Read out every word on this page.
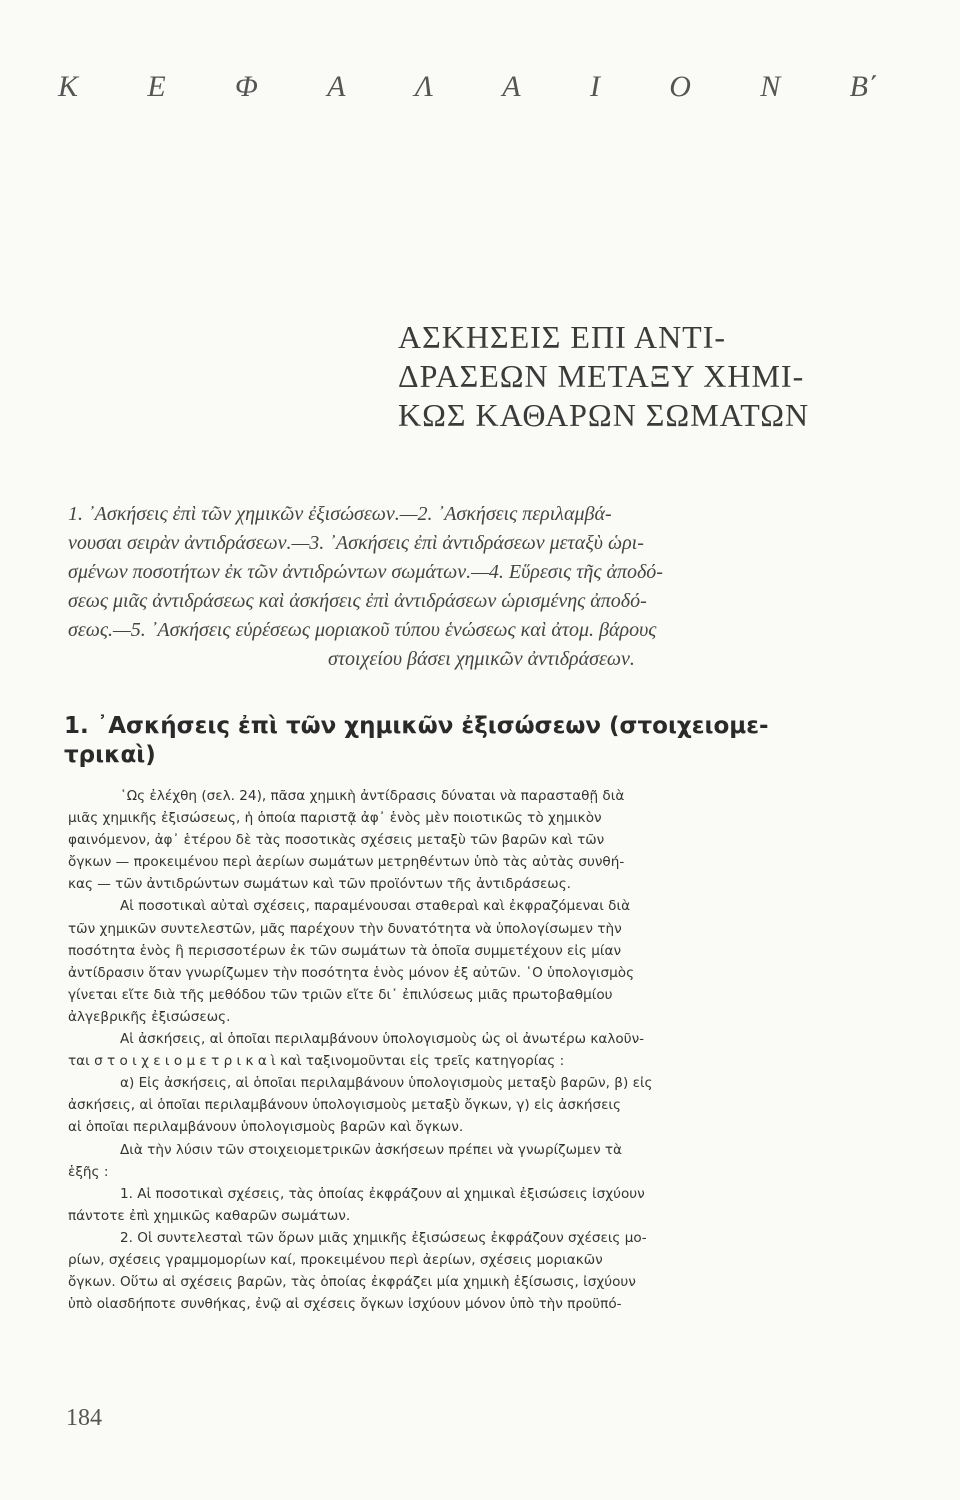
Κ Ε Φ Α Λ Α Ι Ο Ν Β΄
ΑΣΚΗΣΕΙΣ ΕΠΙ ΑΝΤΙ-
ΔΡΑΣΕΩΝ ΜΕΤΑΞΥ ΧΗΜΙ-
ΚΩΣ ΚΑΘΑΡΩΝ ΣΩΜΑΤΩΝ
1. ᾿Ασκήσεις ἐπὶ τῶν χημικῶν ἐξισώσεων.—2. ᾿Ασκήσεις περιλαμβά-
νουσαι σειρὰν ἀντιδράσεων.—3. ᾿Ασκήσεις ἐπὶ ἀντιδράσεων μεταξὺ ὡρι-
σμένων ποσοτήτων ἐκ τῶν ἀντιδρώντων σωμάτων.—4. Εὕρεσις τῆς ἀποδό-
σεως μιᾶς ἀντιδράσεως καὶ ἀσκήσεις ἐπὶ ἀντιδράσεων ὡρισμένης ἀποδό-
σεως.—5. ᾿Ασκήσεις εὑρέσεως μοριακοῦ τύπου ἑνώσεως καὶ ἀτομ. βάρους
στοιχείου βάσει χημικῶν ἀντιδράσεων.
1. ᾿Ασκήσεις ἐπὶ τῶν χημικῶν ἐξισώσεων (στοιχειομε-
τρικαὶ)
῾Ως ἐλέχθη (σελ. 24), πᾶσα χημικὴ ἀντίδρασις δύναται νὰ παρασταθῇ διὰ
μιᾶς χημικῆς ἐξισώσεως, ἡ ὁποία παριστᾷ ἀφ᾿ ἑνὸς μὲν ποιοτικῶς τὸ χημικὸν
φαινόμενον, ἀφ᾿ ἑτέρου δὲ τὰς ποσοτικὰς σχέσεις μεταξὺ τῶν βαρῶν καὶ τῶν
ὄγκων — προκειμένου περὶ ἀερίων σωμάτων μετρηθέντων ὑπὸ τὰς αὐτὰς συνθή-
κας — τῶν ἀντιδρώντων σωμάτων καὶ τῶν προϊόντων τῆς ἀντιδράσεως.
Αἱ ποσοτικαὶ αὐταὶ σχέσεις, παραμένουσαι σταθεραὶ καὶ ἐκφραζόμεναι διὰ
τῶν χημικῶν συντελεστῶν, μᾶς παρέχουν τὴν δυνατότητα νὰ ὑπολογίσωμεν τὴν
ποσότητα ἑνὸς ἢ περισσοτέρων ἐκ τῶν σωμάτων τὰ ὁποῖα συμμετέχουν εἰς μίαν
ἀντίδρασιν ὅταν γνωρίζωμεν τὴν ποσότητα ἑνὸς μόνον ἐξ αὐτῶν. ῾Ο ὑπολογισμὸς
γίνεται εἴτε διὰ τῆς μεθόδου τῶν τριῶν εἴτε δι᾿ ἐπιλύσεως μιᾶς πρωτοβαθμίου
ἀλγεβρικῆς ἐξισώσεως.
Αἱ ἀσκήσεις, αἱ ὁποῖαι περιλαμβάνουν ὑπολογισμοὺς ὡς οἱ ἀνωτέρω καλοῦν-
ται σ τ ο ι χ ε ι ο μ ε τ ρ ι κ α ὶ καὶ ταξινομοῦνται εἰς τρεῖς κατηγορίας :
α) Εἰς ἀσκήσεις, αἱ ὁποῖαι περιλαμβάνουν ὑπολογισμοὺς μεταξὺ βαρῶν, β) εἰς
ἀσκήσεις, αἱ ὁποῖαι περιλαμβάνουν ὑπολογισμοὺς μεταξὺ ὄγκων, γ) εἰς ἀσκήσεις
αἱ ὁποῖαι περιλαμβάνουν ὑπολογισμοὺς βαρῶν καὶ ὄγκων.
Διὰ τὴν λύσιν τῶν στοιχειομετρικῶν ἀσκήσεων πρέπει νὰ γνωρίζωμεν τὰ
ἑξῆς :
1. Αἱ ποσοτικαὶ σχέσεις, τὰς ὁποίας ἐκφράζουν αἱ χημικαὶ ἐξισώσεις ἰσχύουν
πάντοτε ἐπὶ χημικῶς καθαρῶν σωμάτων.
2. Οἱ συντελεσταὶ τῶν ὅρων μιᾶς χημικῆς ἐξισώσεως ἐκφράζουν σχέσεις μο-
ρίων, σχέσεις γραμμομορίων καί, προκειμένου περὶ ἀερίων, σχέσεις μοριακῶν
ὄγκων. Οὕτω αἱ σχέσεις βαρῶν, τὰς ὁποίας ἐκφράζει μία χημικὴ ἐξίσωσις, ἰσχύουν
ὑπὸ οἱασδήποτε συνθήκας, ἐνῷ αἱ σχέσεις ὄγκων ἰσχύουν μόνον ὑπὸ τὴν προϋπό-
184
